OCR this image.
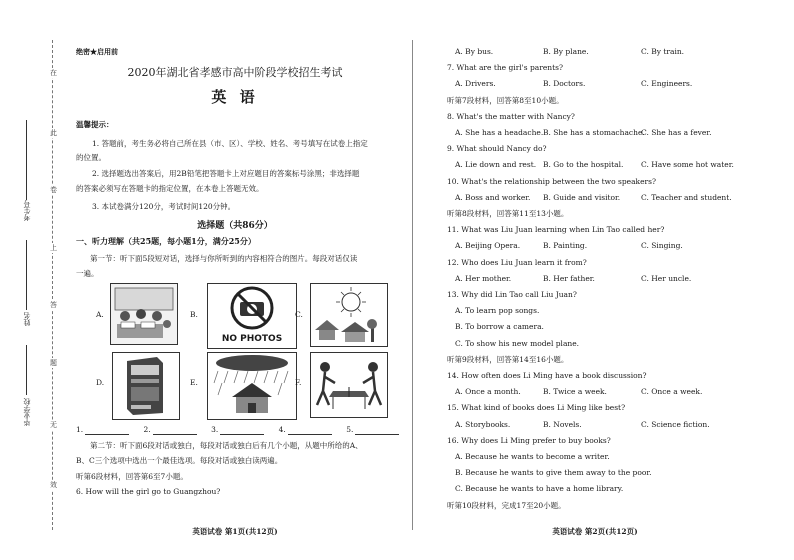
考生号
姓名
毕业学校
在
此
卷
上
答
题
无
效
绝密★启用前
2020年湖北省孝感市高中阶段学校招生考试
英 语
温馨提示：
1. 答题前，考生务必将自己所在县（市、区）、学校、姓名、考号填写在试卷上指定
的位置。
2. 选择题选出答案后，用2B铅笔把答题卡上对应题目的答案标号涂黑；非选择题
的答案必须写在答题卡的指定位置，在本卷上答题无效。
3. 本试卷满分120分，考试时间120分钟。
选择题（共86分）
一、听力理解（共25题，每小题1分，满分25分）
第一节：听下面5段短对话，选择与你所听到的内容相符合的图片。每段对话仅读
一遍。
A.	B.
NO PHOTOS
C.
D.	E.	F.
1.	2.	3.	4.	5.
第二节：听下面6段对话或独白，每段对话或独白后有几个小题，从题中所给的A、
B、C三个选项中选出一个最佳选项。每段对话或独白读两遍。
听第6段材料，回答第6至7小题。
6. How will the girl go to Guangzhou?
英语试卷 第1页(共12页)
A. By bus.	B. By plane.	C. By train.
7. What are the girl's parents?
A. Drivers.	B. Doctors.	C. Engineers.
听第7段材料，回答第8至10小题。
8. What's the matter with Nancy?
A. She has a headache. B. She has a stomachache.
C. She has a fever.
9. What should Nancy do?
A. Lie down and rest. B. Go to the hospital. C. Have some hot water.
10. What's the relationship between the two speakers?
A. Boss and worker. B. Guide and visitor.	C. Teacher and student.
听第8段材料，回答第11至13小题。
11. What was Liu Juan learning when Lin Tao called her?
A. Beijing Opera.	B. Painting.	C. Singing.
12. Who does Liu Juan learn it from?
A. Her mother.	B. Her father.	C. Her uncle.
13. Why did Lin Tao call Liu Juan?
A. To learn pop songs.
B. To borrow a camera.
C. To show his new model plane.
听第9段材料，回答第14至16小题。
14. How often does Li Ming have a book discussion?
A. Once a month.	B. Twice a week.	C. Once a week.
15. What kind of books does Li Ming like best?
A. Storybooks.	B. Novels.	C. Science fiction.
16. Why does Li Ming prefer to buy books?
A. Because he wants to become a writer.
B. Because he wants to give them away to the poor.
C. Because he wants to have a home library.
听第10段材料，完成17至20小题。
英语试卷 第2页(共12页)
